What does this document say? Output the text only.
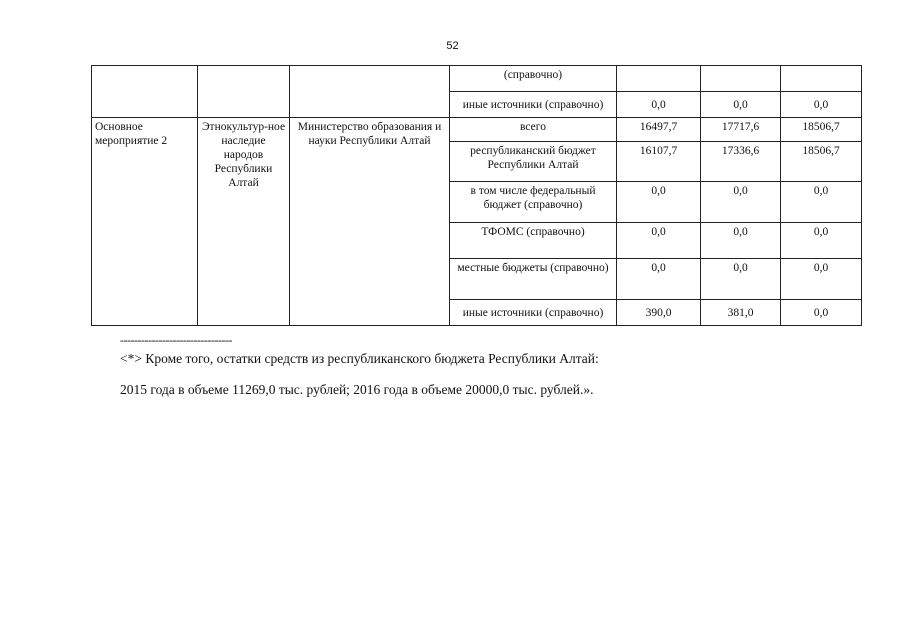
52
			(справочно)			
			иные источники (справочно)	0,0	0,0	0,0
Основное мероприятие 2	Этнокультур-ное наследие народов Республики Алтай	Министерство образования и науки Республики Алтай	всего	16497,7	17717,6	18506,7
			республиканский бюджет Республики Алтай	16107,7	17336,6	18506,7
			в том числе федеральный бюджет (справочно)	0,0	0,0	0,0
			ТФОМС (справочно)	0,0	0,0	0,0
			местные бюджеты (справочно)	0,0	0,0	0,0
			иные источники (справочно)	390,0	381,0	0,0
--------------------------------
<*> Кроме того, остатки средств из республиканского бюджета Республики Алтай:
2015 года в объеме 11269,0 тыс. рублей; 2016 года в объеме 20000,0 тыс. рублей.».
